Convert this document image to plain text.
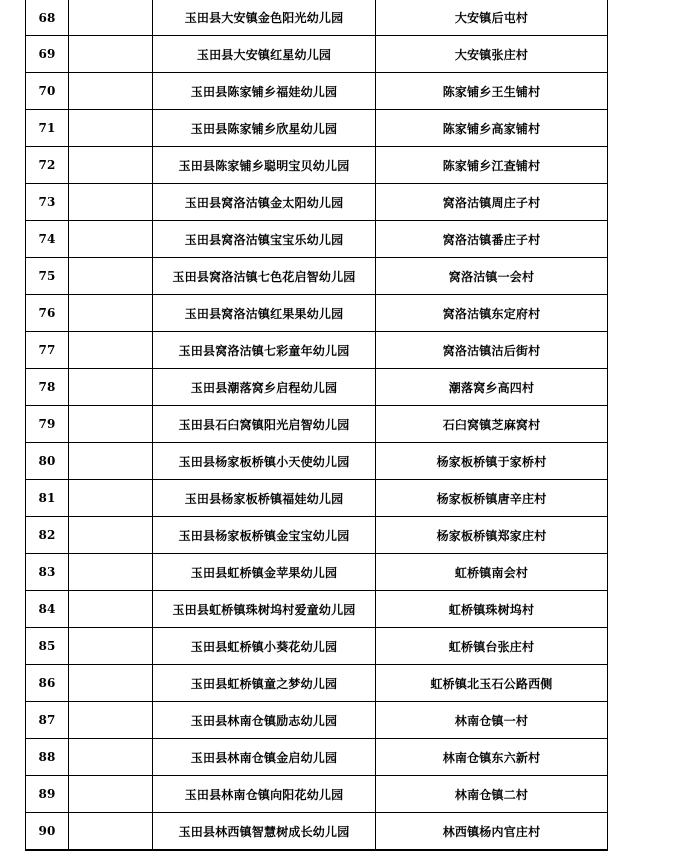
68		玉田县大安镇金色阳光幼儿园	大安镇后屯村
69		玉田县大安镇红星幼儿园	大安镇张庄村
70		玉田县陈家铺乡福娃幼儿园	陈家铺乡王生铺村
71		玉田县陈家铺乡欣星幼儿园	陈家铺乡高家铺村
72		玉田县陈家铺乡聪明宝贝幼儿园	陈家铺乡江查铺村
73		玉田县窝洛沽镇金太阳幼儿园	窝洛沽镇周庄子村
74		玉田县窝洛沽镇宝宝乐幼儿园	窝洛沽镇番庄子村
75		玉田县窝洛沽镇七色花启智幼儿园	窝洛沽镇一会村
76		玉田县窝洛沽镇红果果幼儿园	窝洛沽镇东定府村
77		玉田县窝洛沽镇七彩童年幼儿园	窝洛沽镇沽后街村
78		玉田县潮落窝乡启程幼儿园	潮落窝乡高四村
79		玉田县石臼窝镇阳光启智幼儿园	石臼窝镇芝麻窝村
80		玉田县杨家板桥镇小天使幼儿园	杨家板桥镇于家桥村
81		玉田县杨家板桥镇福娃幼儿园	杨家板桥镇唐辛庄村
82		玉田县杨家板桥镇金宝宝幼儿园	杨家板桥镇郑家庄村
83		玉田县虹桥镇金苹果幼儿园	虹桥镇南会村
84		玉田县虹桥镇珠树坞村爱童幼儿园	虹桥镇珠树坞村
85		玉田县虹桥镇小葵花幼儿园	虹桥镇台张庄村
86		玉田县虹桥镇童之梦幼儿园	虹桥镇北玉石公路西侧
87		玉田县林南仓镇励志幼儿园	林南仓镇一村
88		玉田县林南仓镇金启幼儿园	林南仓镇东六新村
89		玉田县林南仓镇向阳花幼儿园	林南仓镇二村
90		玉田县林西镇智慧树成长幼儿园	林西镇杨内官庄村
